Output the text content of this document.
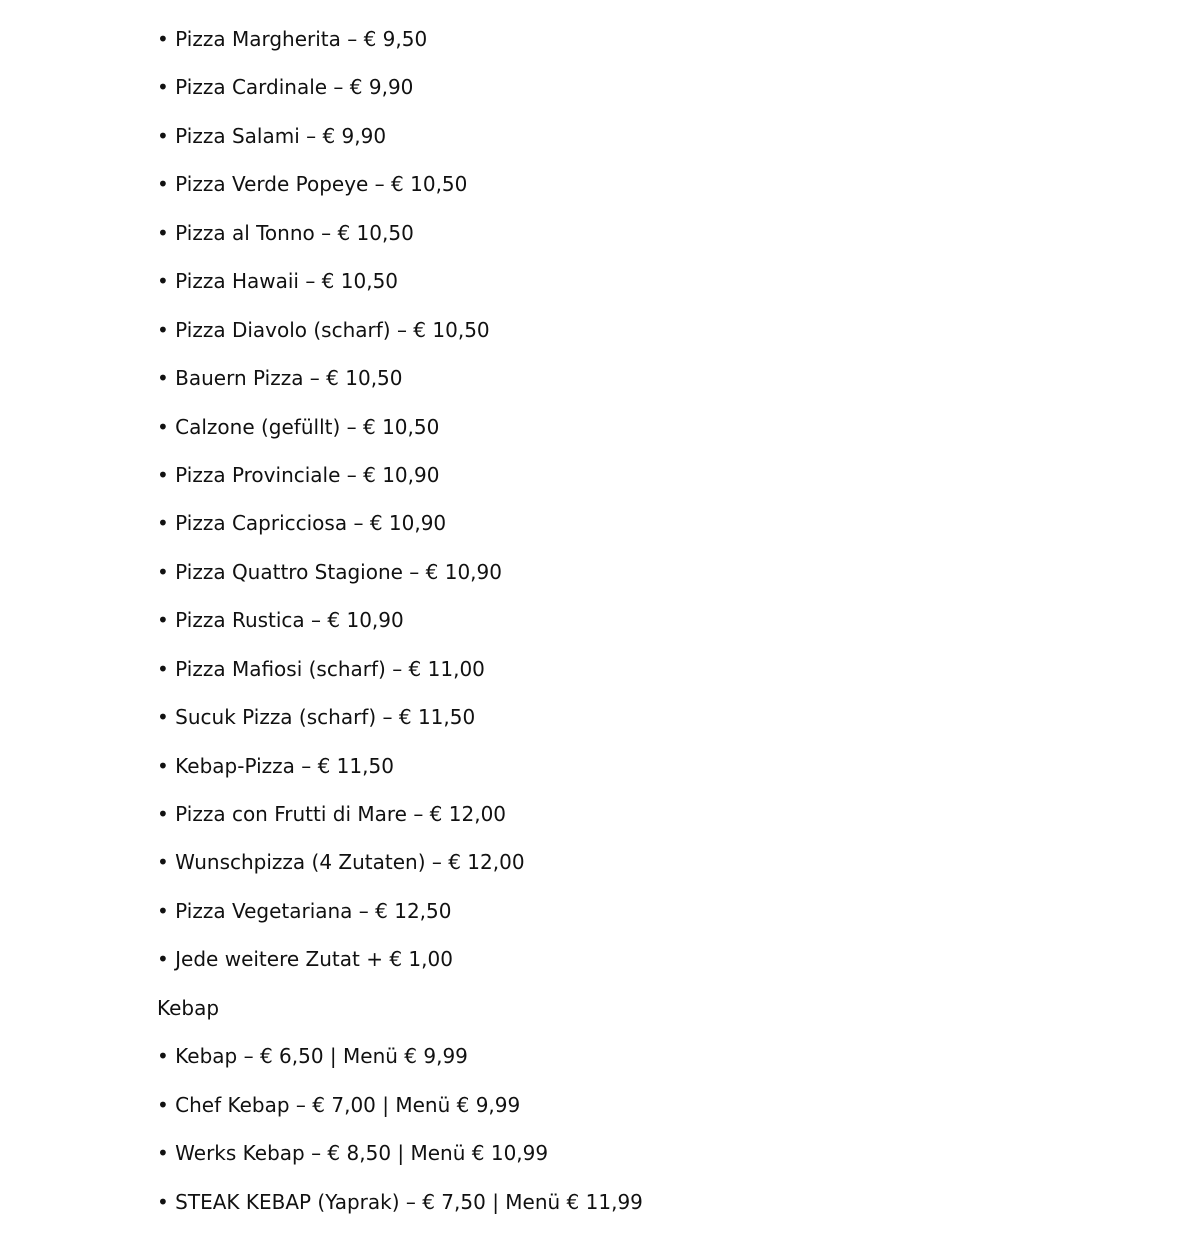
• Pizza Margherita – € 9,50
• Pizza Cardinale – € 9,90
• Pizza Salami – € 9,90
• Pizza Verde Popeye – € 10,50
• Pizza al Tonno – € 10,50
• Pizza Hawaii – € 10,50
• Pizza Diavolo (scharf) – € 10,50
• Bauern Pizza – € 10,50
• Calzone (gefüllt) – € 10,50
• Pizza Provinciale – € 10,90
• Pizza Capricciosa – € 10,90
• Pizza Quattro Stagione – € 10,90
• Pizza Rustica – € 10,90
• Pizza Mafiosi (scharf) – € 11,00
• Sucuk Pizza (scharf) – € 11,50
• Kebap-Pizza – € 11,50
• Pizza con Frutti di Mare – € 12,00
• Wunschpizza (4 Zutaten) – € 12,00
• Pizza Vegetariana – € 12,50
• Jede weitere Zutat + € 1,00
Kebap
• Kebap – € 6,50 | Menü € 9,99
• Chef Kebap – € 7,00 | Menü € 9,99
• Werks Kebap – € 8,50 | Menü € 10,99
• STEAK KEBAP (Yaprak) – € 7,50 | Menü € 11,99
